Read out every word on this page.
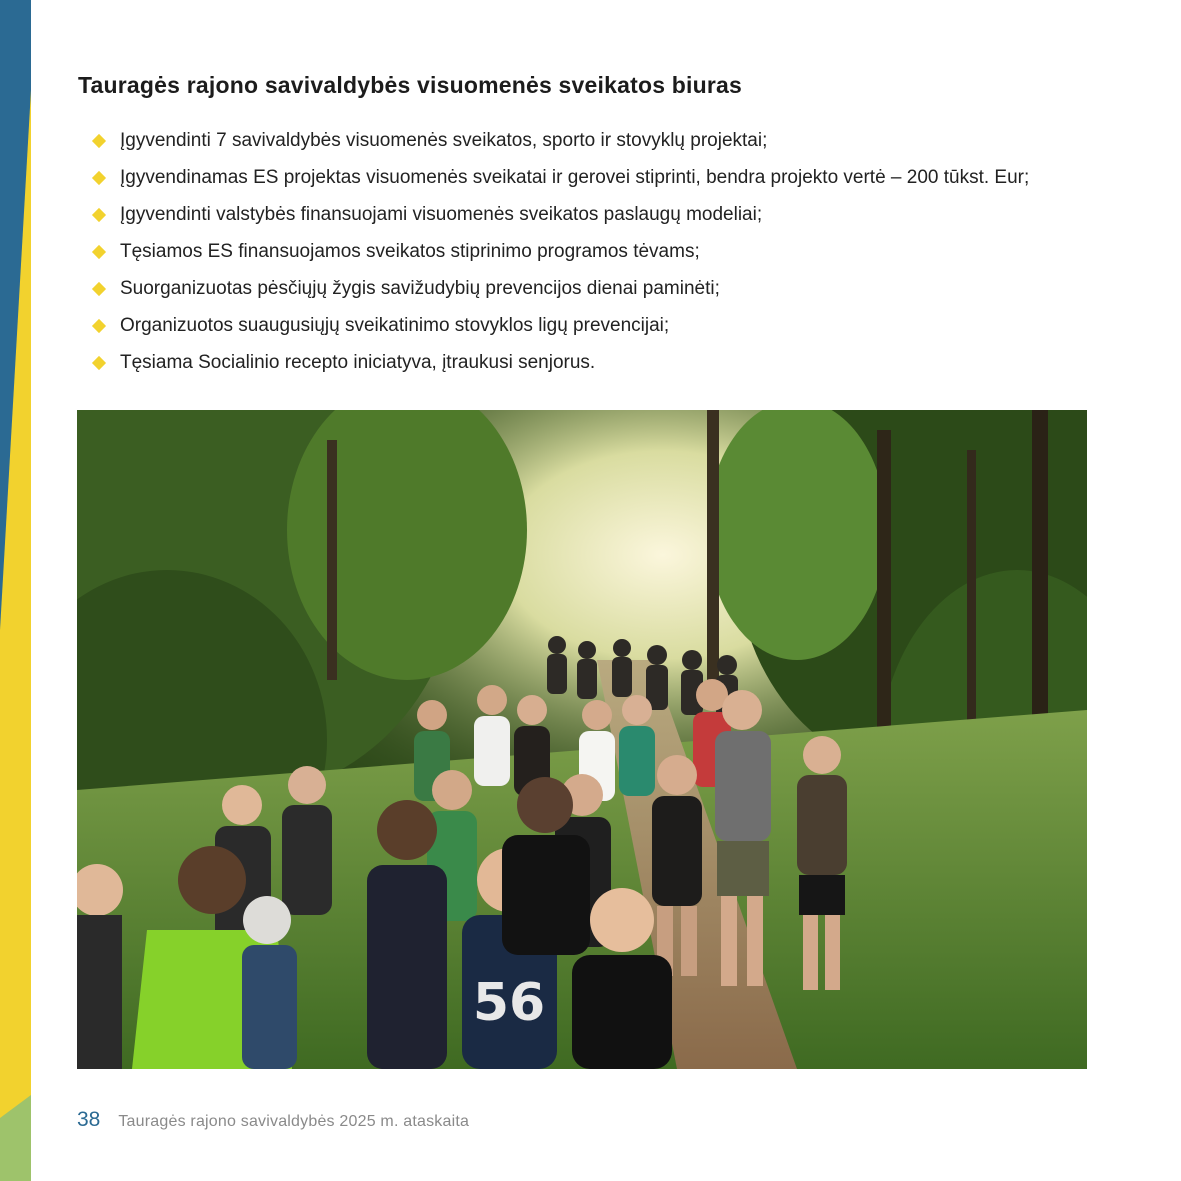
Tauragės rajono savivaldybės visuomenės sveikatos biuras
Įgyvendinti 7 savivaldybės visuomenės sveikatos, sporto ir stovyklų projektai;
Įgyvendinamas ES projektas visuomenės sveikatai ir gerovei stiprinti, bendra projekto vertė – 200 tūkst. Eur;
Įgyvendinti valstybės finansuojami visuomenės sveikatos paslaugų modeliai;
Tęsiamos ES finansuojamos sveikatos stiprinimo programos tėvams;
Suorganizuotas pėsčiųjų žygis savižudybių prevencijos dienai paminėti;
Organizuotos suaugusiųjų sveikatinimo stovyklos ligų prevencijai;
Tęsiama Socialinio recepto iniciatyva, įtraukusi senjorus.
56
38 Tauragės rajono savivaldybės 2025 m. ataskaita
